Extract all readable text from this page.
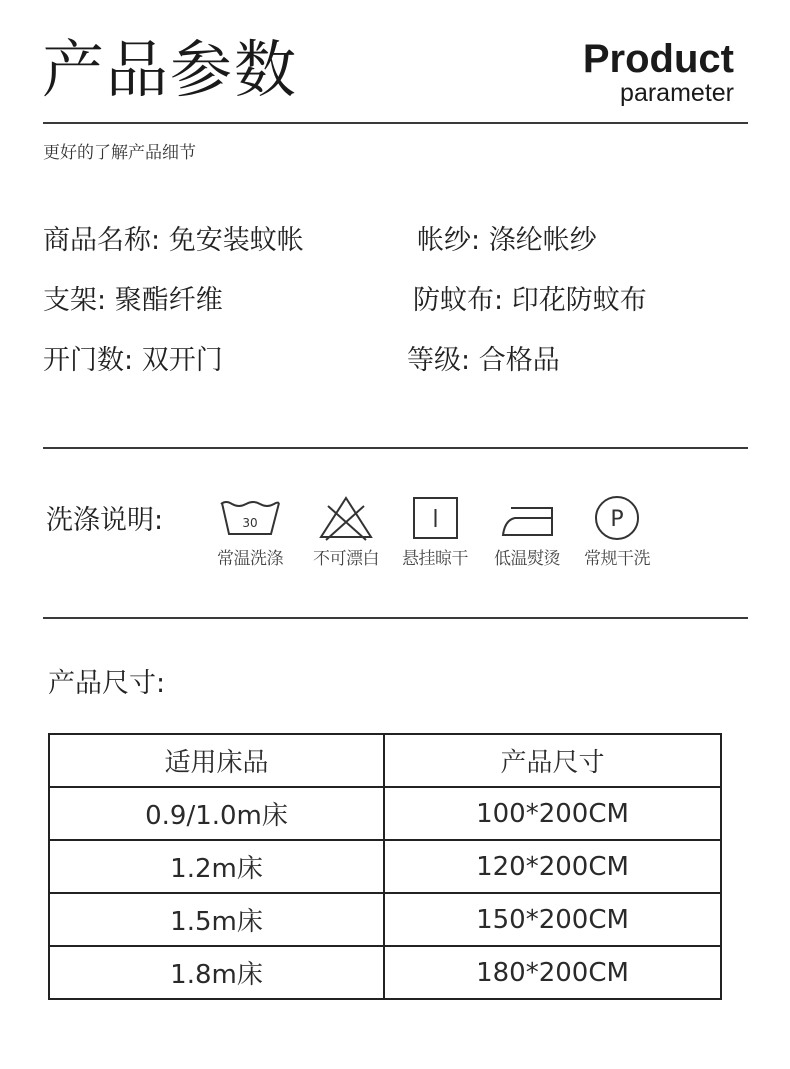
产品参数	Product
parameter
更好的了解产品细节
商品名称: 免安装蚊帐	帐纱: 涤纶帐纱
支架: 聚酯纤维	防蚊布: 印花防蚊布
开门数: 双开门	等级: 合格品
洗涤说明:	30
常温洗涤	不可漂白	悬挂晾干	低温熨烫
P
常规干洗
产品尺寸:
适用床品	产品尺寸
0.9/1.0m床	100*200CM
1.2m床	120*200CM
1.5m床	150*200CM
1.8m床	180*200CM
